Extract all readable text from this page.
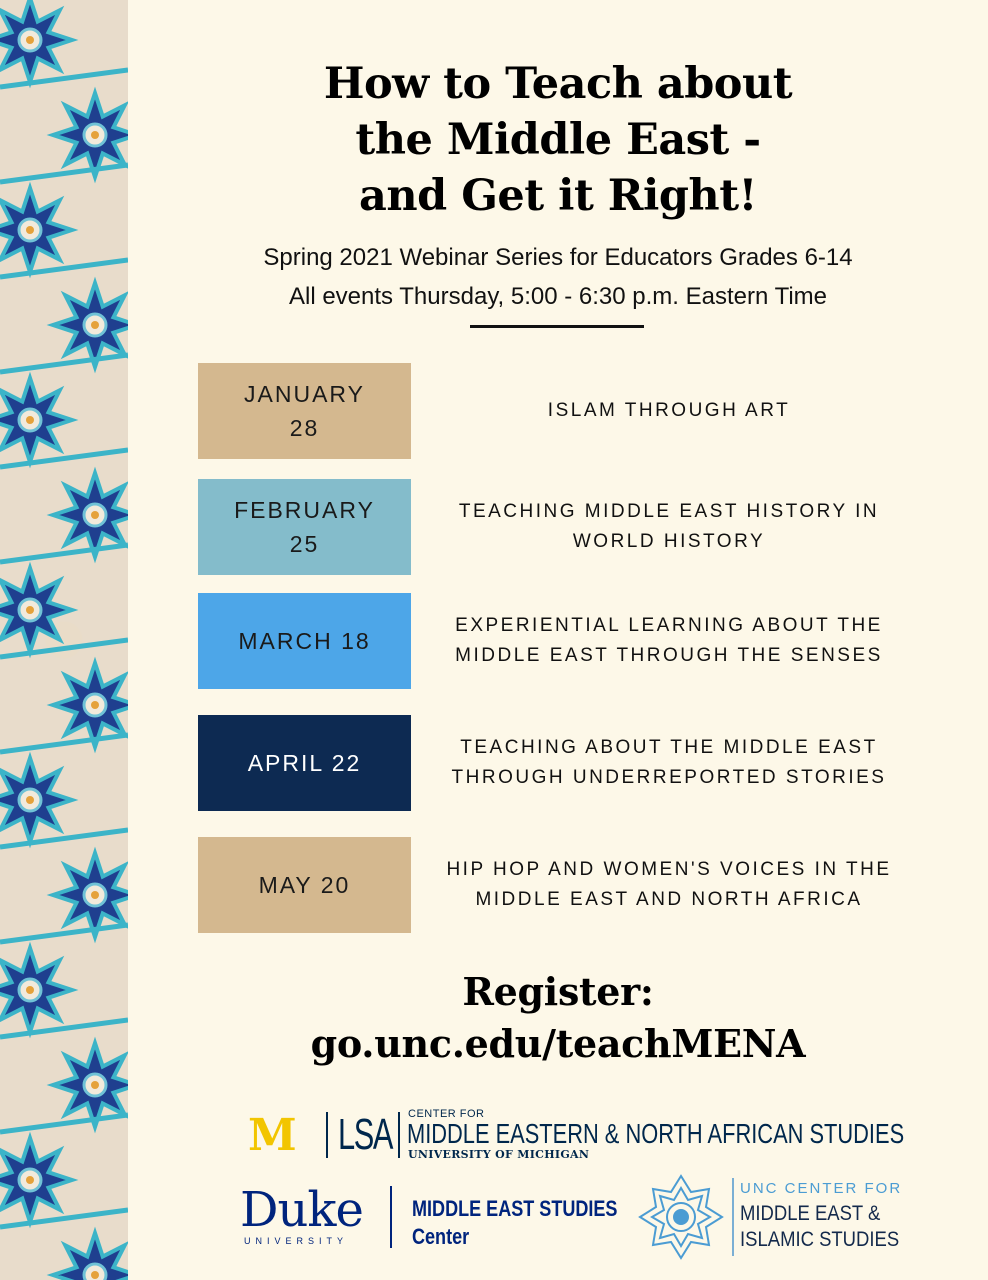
How to Teach about
the Middle East -
and Get it Right!
Spring 2021 Webinar Series for Educators Grades 6-14
All events Thursday, 5:00 - 6:30 p.m. Eastern Time
JANUARY
28
ISLAM THROUGH ART
FEBRUARY
25
TEACHING MIDDLE EAST HISTORY IN WORLD HISTORY
MARCH 18
EXPERIENTIAL LEARNING ABOUT THE MIDDLE EAST THROUGH THE SENSES
APRIL 22
TEACHING ABOUT THE MIDDLE EAST THROUGH UNDERREPORTED STORIES
MAY 20
HIP HOP AND WOMEN'S VOICES IN THE MIDDLE EAST AND NORTH AFRICA
Register:
go.unc.edu/teachMENA
M LSA CENTER FOR
MIDDLE EASTERN & NORTH AFRICAN STUDIES
UNIVERSITY OF MICHIGAN
Duke
UNIVERSITY
MIDDLE EAST STUDIES
Center
UNC CENTER FOR
MIDDLE EAST &
ISLAMIC STUDIES
